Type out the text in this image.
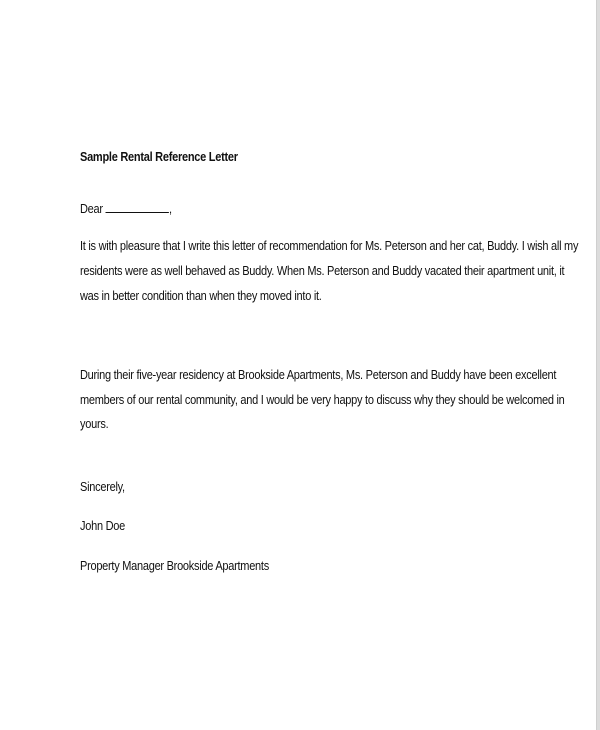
Sample Rental Reference Letter
Dear	,
It is with pleasure that I write this letter of recommendation for Ms. Peterson and her cat, Buddy. I wish all my
residents were as well behaved as Buddy. When Ms. Peterson and Buddy vacated their apartment unit, it
was in better condition than when they moved into it.
During their five-year residency at Brookside Apartments, Ms. Peterson and Buddy have been excellent
members of our rental community, and I would be very happy to discuss why they should be welcomed in
yours.
Sincerely,
John Doe
Property Manager Brookside Apartments
